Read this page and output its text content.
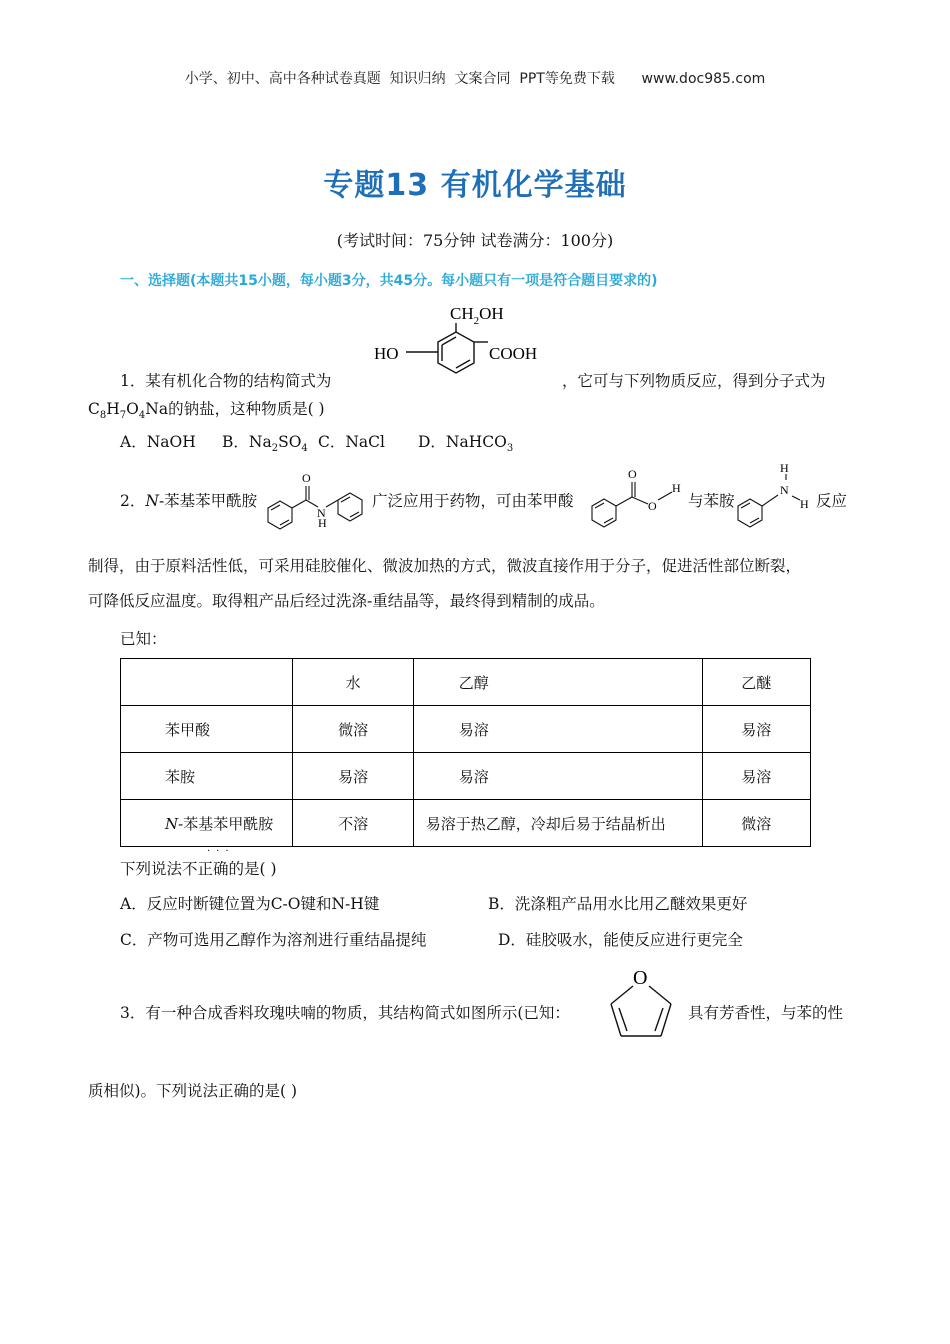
小学、初中、高中各种试卷真题  知识归纳  文案合同  PPT等免费下载      www.doc985.com
专题13 有机化学基础
(考试时间：75分钟 试卷满分：100分)
一、选择题(本题共15小题，每小题3分，共45分。每小题只有一项是符合题目要求的)
$CH_2OH$
HO	COOH
1．某有机化合物的结构简式为	，它可与下列物质反应，得到分子式为
$C_8H_7O_4Na$的钠盐，这种物质是( )
A．NaOH B．$Na_2SO_4$ C．NaCl D．NaHCO$_3$
2．N-苯基苯甲酰胺
O
N
H
广泛应用于药物，可由苯甲酸
O
O
H
与苯胺
H
N
H 反应
制得，由于原料活性低，可采用硅胶催化、微波加热的方式，微波直接作用于分子，促进活性部位断裂，
可降低反应温度。取得粗产品后经过洗涤-重结晶等，最终得到精制的成品。
已知：
	水	乙醇	乙醚
苯甲酸	微溶	易溶	易溶
苯胺	易溶	易溶	易溶
N-苯基苯甲酰胺	不溶	易溶于热乙醇，冷却后易于结晶析出	微溶
···
下列说法不正确的是( )
A．反应时断键位置为C-O键和N-H键	B．洗涤粗产品用水比用乙醚效果更好
C．产物可选用乙醇作为溶剂进行重结晶提纯	D．硅胶吸水，能使反应进行更完全
3．有一种合成香料玫瑰呋喃的物质，其结构简式如图所示(已知：
O
具有芳香性，与苯的性
质相似)。下列说法正确的是( )
